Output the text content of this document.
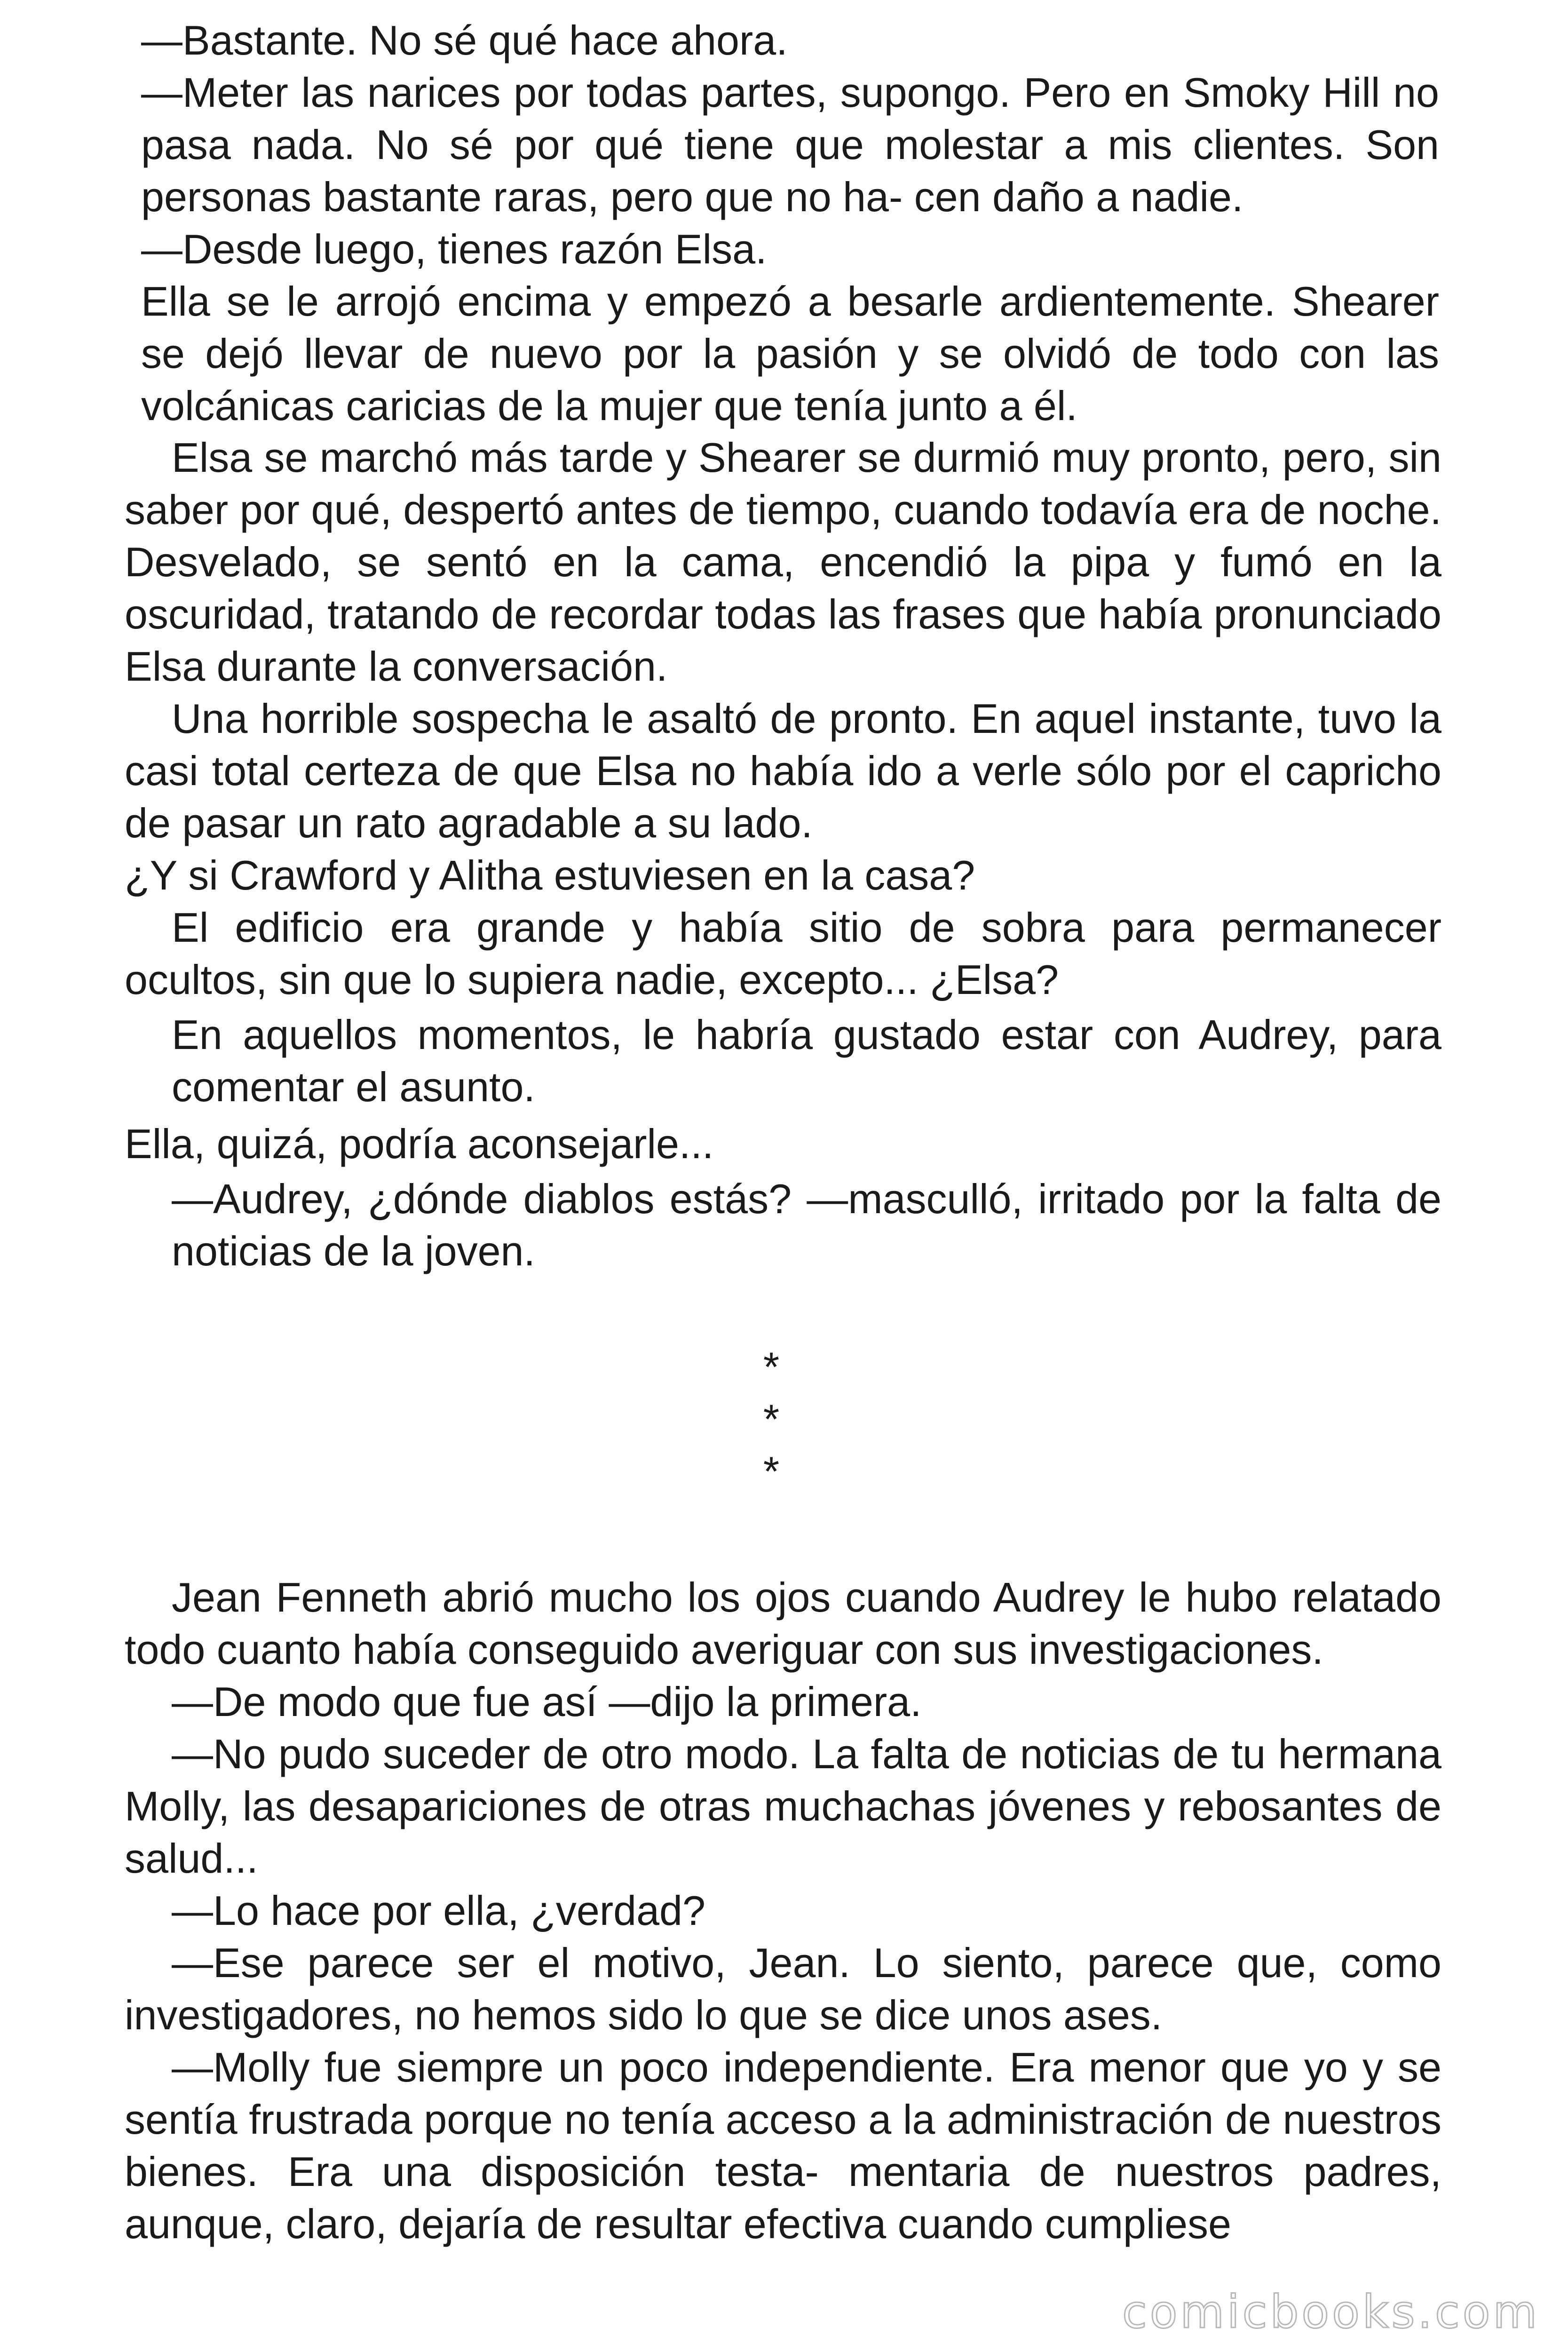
—Bastante. No sé qué hace ahora.

—Meter las narices por todas partes, supongo. Pero en Smoky Hill no pasa nada. No sé por qué tiene que molestar a mis clientes. Son personas bastante raras, pero que no ha- cen daño a nadie.

—Desde luego, tienes razón Elsa.

Ella se le arrojó encima y empezó a besarle ardientemente. Shearer se dejó llevar de nuevo por la pasión y se olvidó de todo con las volcánicas caricias de la mujer que tenía junto a él.

Elsa se marchó más tarde y Shearer se durmió muy pronto, pero, sin saber por qué, despertó antes de tiempo, cuando todavía era de noche. Desvelado, se sentó en la cama, encendió la pipa y fumó en la oscuridad, tratando de recordar todas las frases que había pronunciado Elsa durante la conversación.

Una horrible sospecha le asaltó de pronto. En aquel instante, tuvo la casi total certeza de que Elsa no había ido a verle sólo por el capricho de pasar un rato agradable a su lado.

¿Y si Crawford y Alitha estuviesen en la casa?

El edificio era grande y había sitio de sobra para permanecer ocultos, sin que lo supiera nadie, excepto... ¿Elsa?

En aquellos momentos, le habría gustado estar con Audrey, para comentar el asunto.

Ella, quizá, podría aconsejarle...

—Audrey, ¿dónde diablos estás? —masculló, irritado por la falta de noticias de la joven.

*
*
*

Jean Fenneth abrió mucho los ojos cuando Audrey le hubo relatado todo cuanto había conseguido averiguar con sus investigaciones.

—De modo que fue así —dijo la primera.

—No pudo suceder de otro modo. La falta de noticias de tu hermana Molly, las desapariciones de otras muchachas jóvenes y rebosantes de salud...

—Lo hace por ella, ¿verdad?

—Ese parece ser el motivo, Jean. Lo siento, parece que, como investigadores, no hemos sido lo que se dice unos ases.

—Molly fue siempre un poco independiente. Era menor que yo y se sentía frustrada porque no tenía acceso a la administración de nuestros bienes. Era una disposición testa- mentaria de nuestros padres, aunque, claro, dejaría de resultar efectiva cuando cumpliese

comicbooks.com
